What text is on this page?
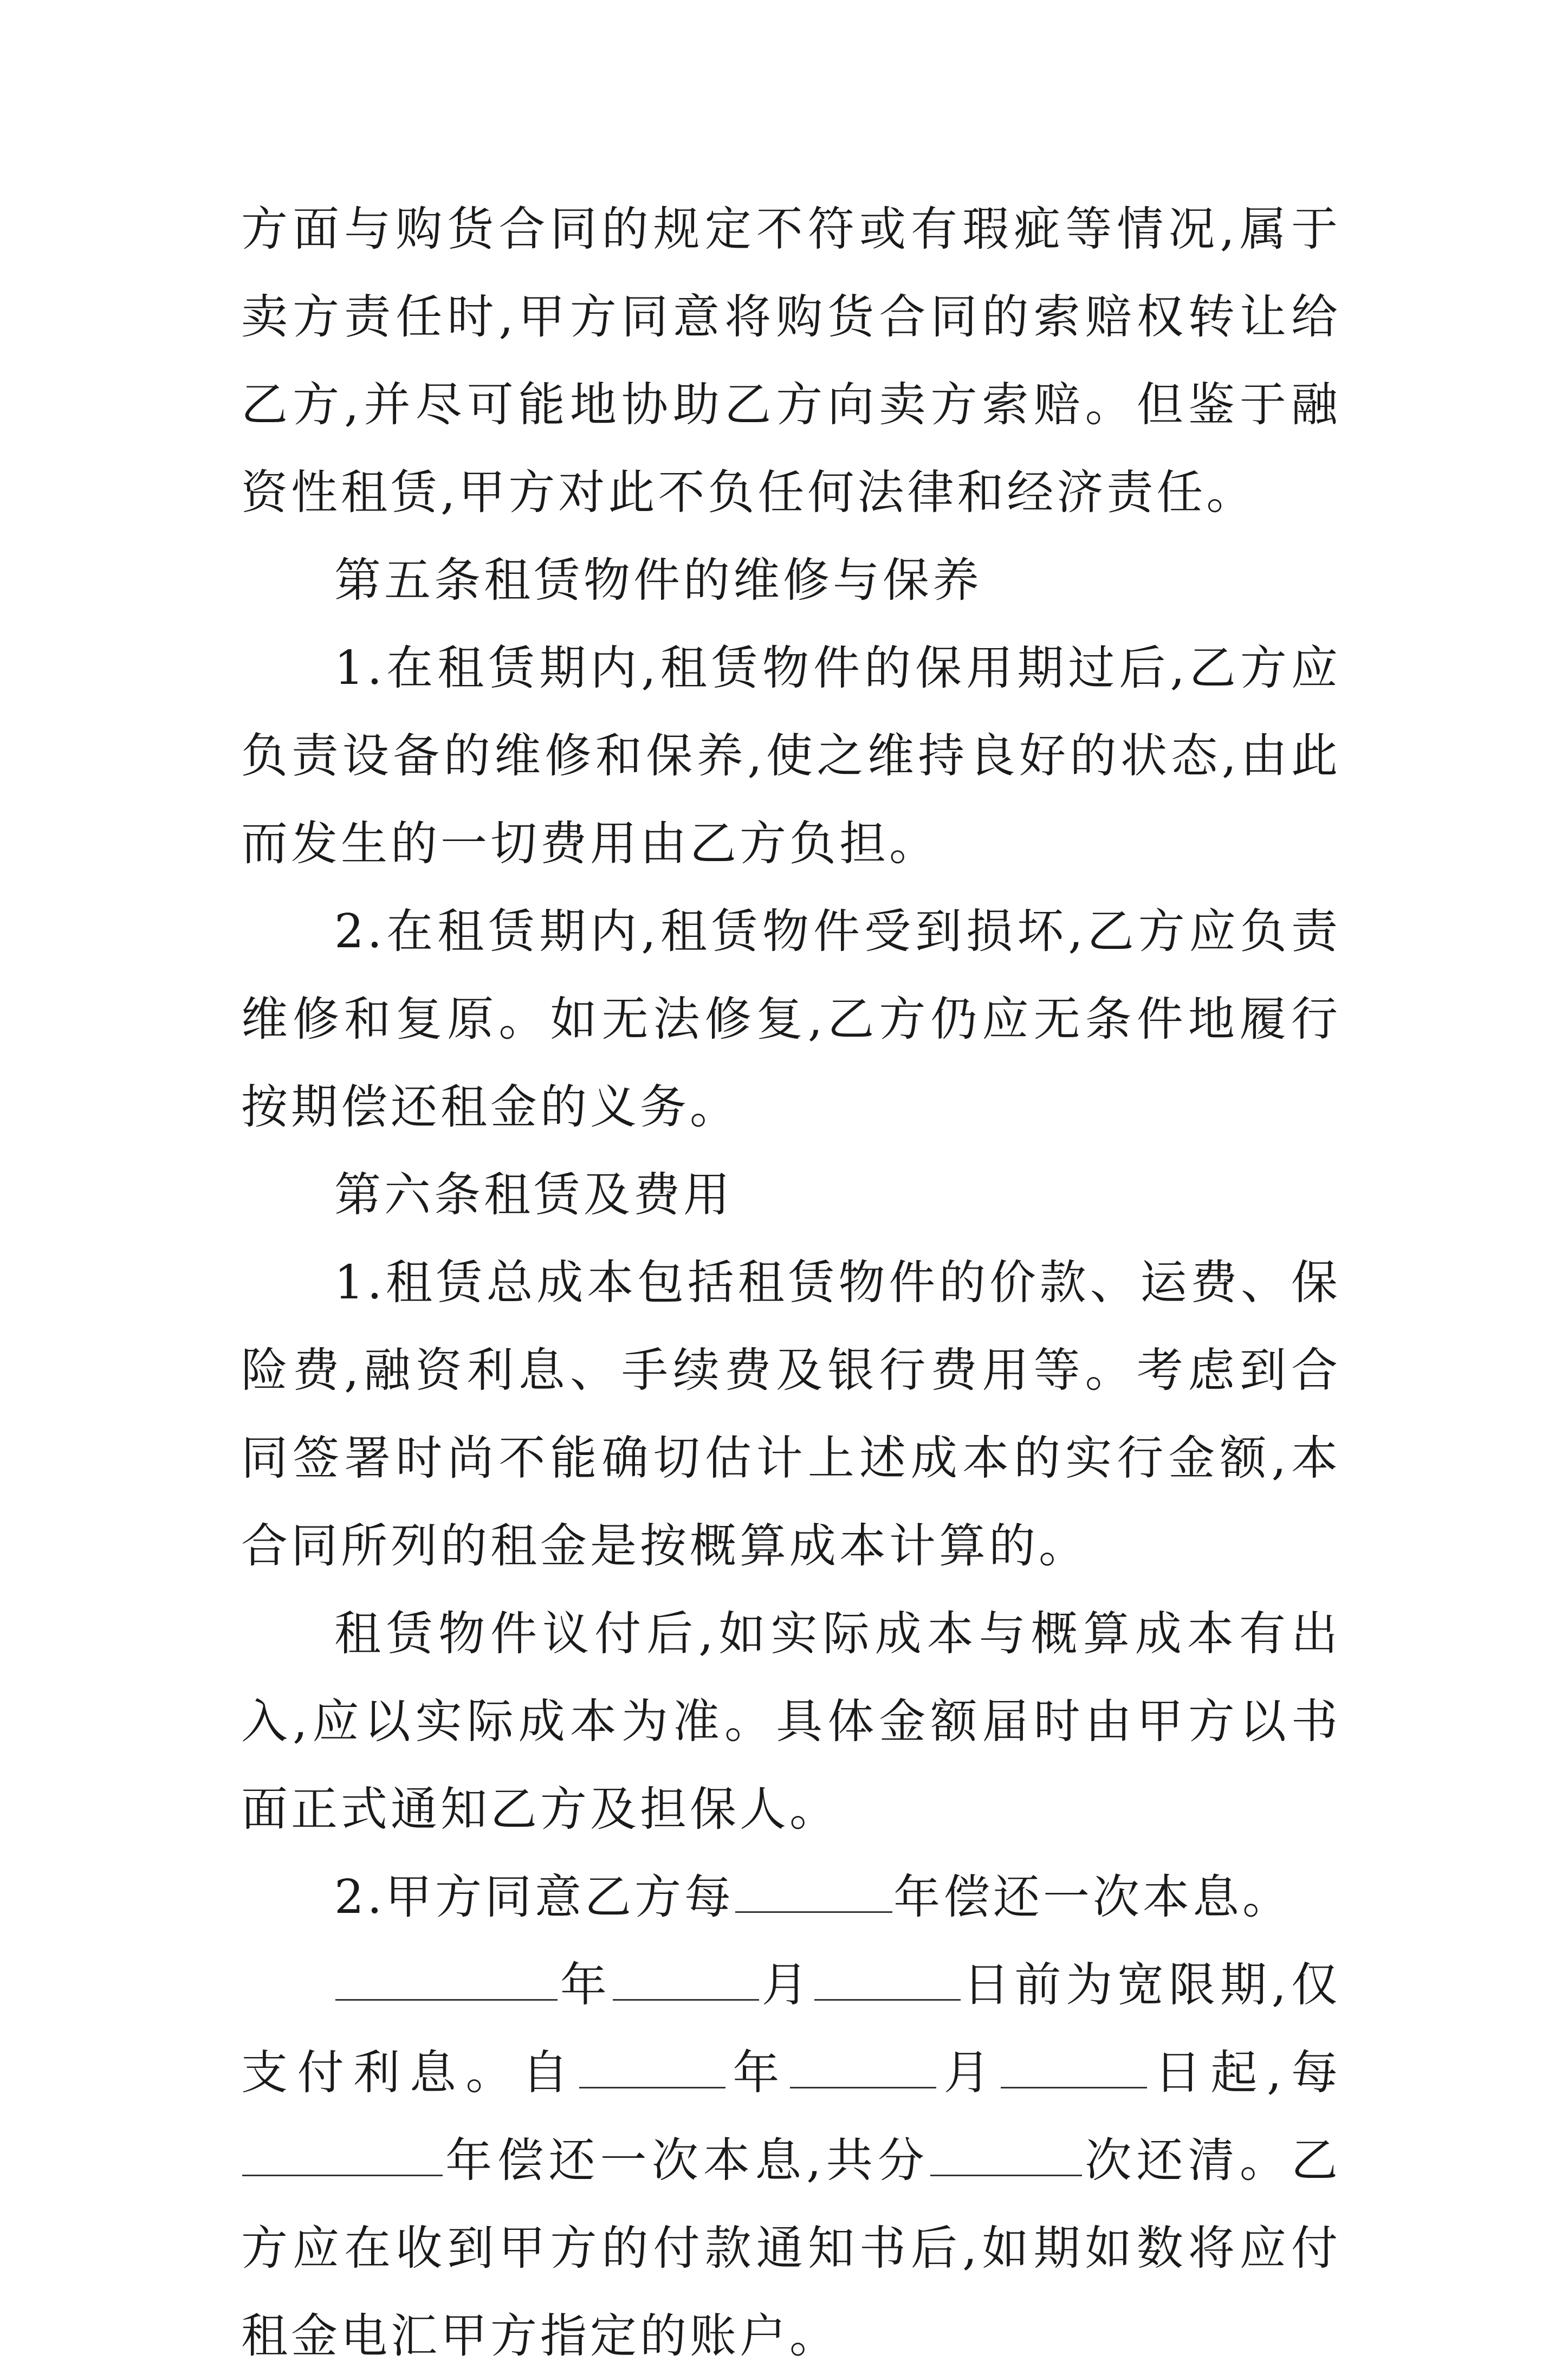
方面与购货合同的规定不符或有瑕疵等情况,属于卖方责任时,甲方同意将购货合同的索赔权转让给乙方,并尽可能地协助乙方向卖方索赔。但鉴于融资性租赁,甲方对此不负任何法律和经济责任。

第五条租赁物件的维修与保养

1.在租赁期内,租赁物件的保用期过后,乙方应负责设备的维修和保养,使之维持良好的状态,由此而发生的一切费用由乙方负担。

2.在租赁期内,租赁物件受到损坏,乙方应负责维修和复原。如无法修复,乙方仍应无条件地履行按期偿还租金的义务。

第六条租赁及费用

1.租赁总成本包括租赁物件的价款、运费、保险费,融资利息、手续费及银行费用等。考虑到合同签署时尚不能确切估计上述成本的实行金额,本合同所列的租金是按概算成本计算的。

租赁物件议付后,如实际成本与概算成本有出入,应以实际成本为准。具体金额届时由甲方以书面正式通知乙方及担保人。

2.甲方同意乙方每	年偿还一次本息。

年	月	日前为宽限期,仅支付利息。自	年	月	日起,每年偿还一次本息,共分	次还清。乙方应在收到甲方的付款通知书后,如期如数将应付租金电汇甲方指定的账户。
